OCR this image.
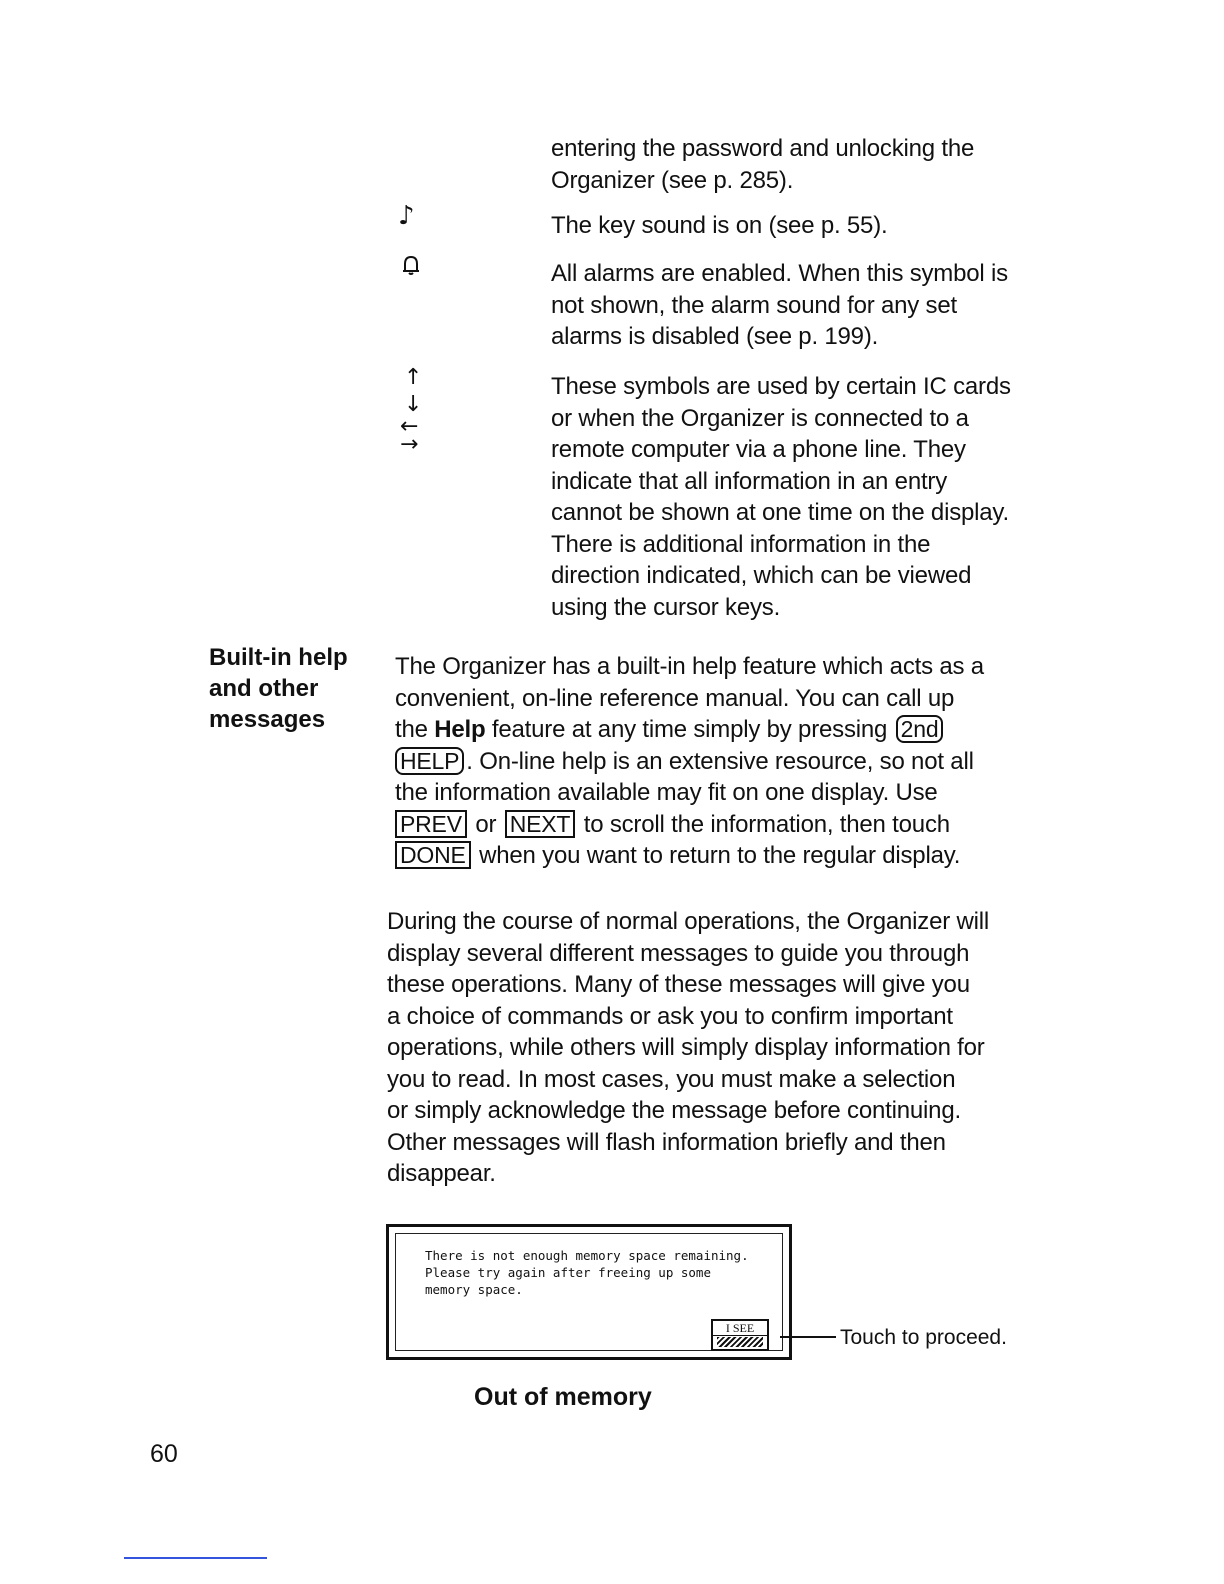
entering the password and unlocking the
Organizer (see p. 285).
♪	The key sound is on (see p. 55).
All alarms are enabled. When this symbol is
not shown, the alarm sound for any set
alarms is disabled (see p. 199).
↑
↓
←
→
These symbols are used by certain IC cards
or when the Organizer is connected to a
remote computer via a phone line. They
indicate that all information in an entry
cannot be shown at one time on the display.
There is additional information in the
direction indicated, which can be viewed
using the cursor keys.
Built-in help
and other
messages
The Organizer has a built-in help feature which acts as a
convenient, on-line reference manual. You can call up
the Help feature at any time simply by pressing 2nd
HELP . On-line help is an extensive resource, so not all
the information available may fit on one display. Use
PREV or NEXT to scroll the information, then touch
DONE when you want to return to the regular display.
During the course of normal operations, the Organizer will
display several different messages to guide you through
these operations. Many of these messages will give you
a choice of commands or ask you to confirm important
operations, while others will simply display information for
you to read. In most cases, you must make a selection
or simply acknowledge the message before continuing.
Other messages will flash information briefly and then
disappear.
There is not enough memory space remaining.
Please try again after freeing up some
memory space.
I SEE	Touch to proceed.
Out of memory
60
